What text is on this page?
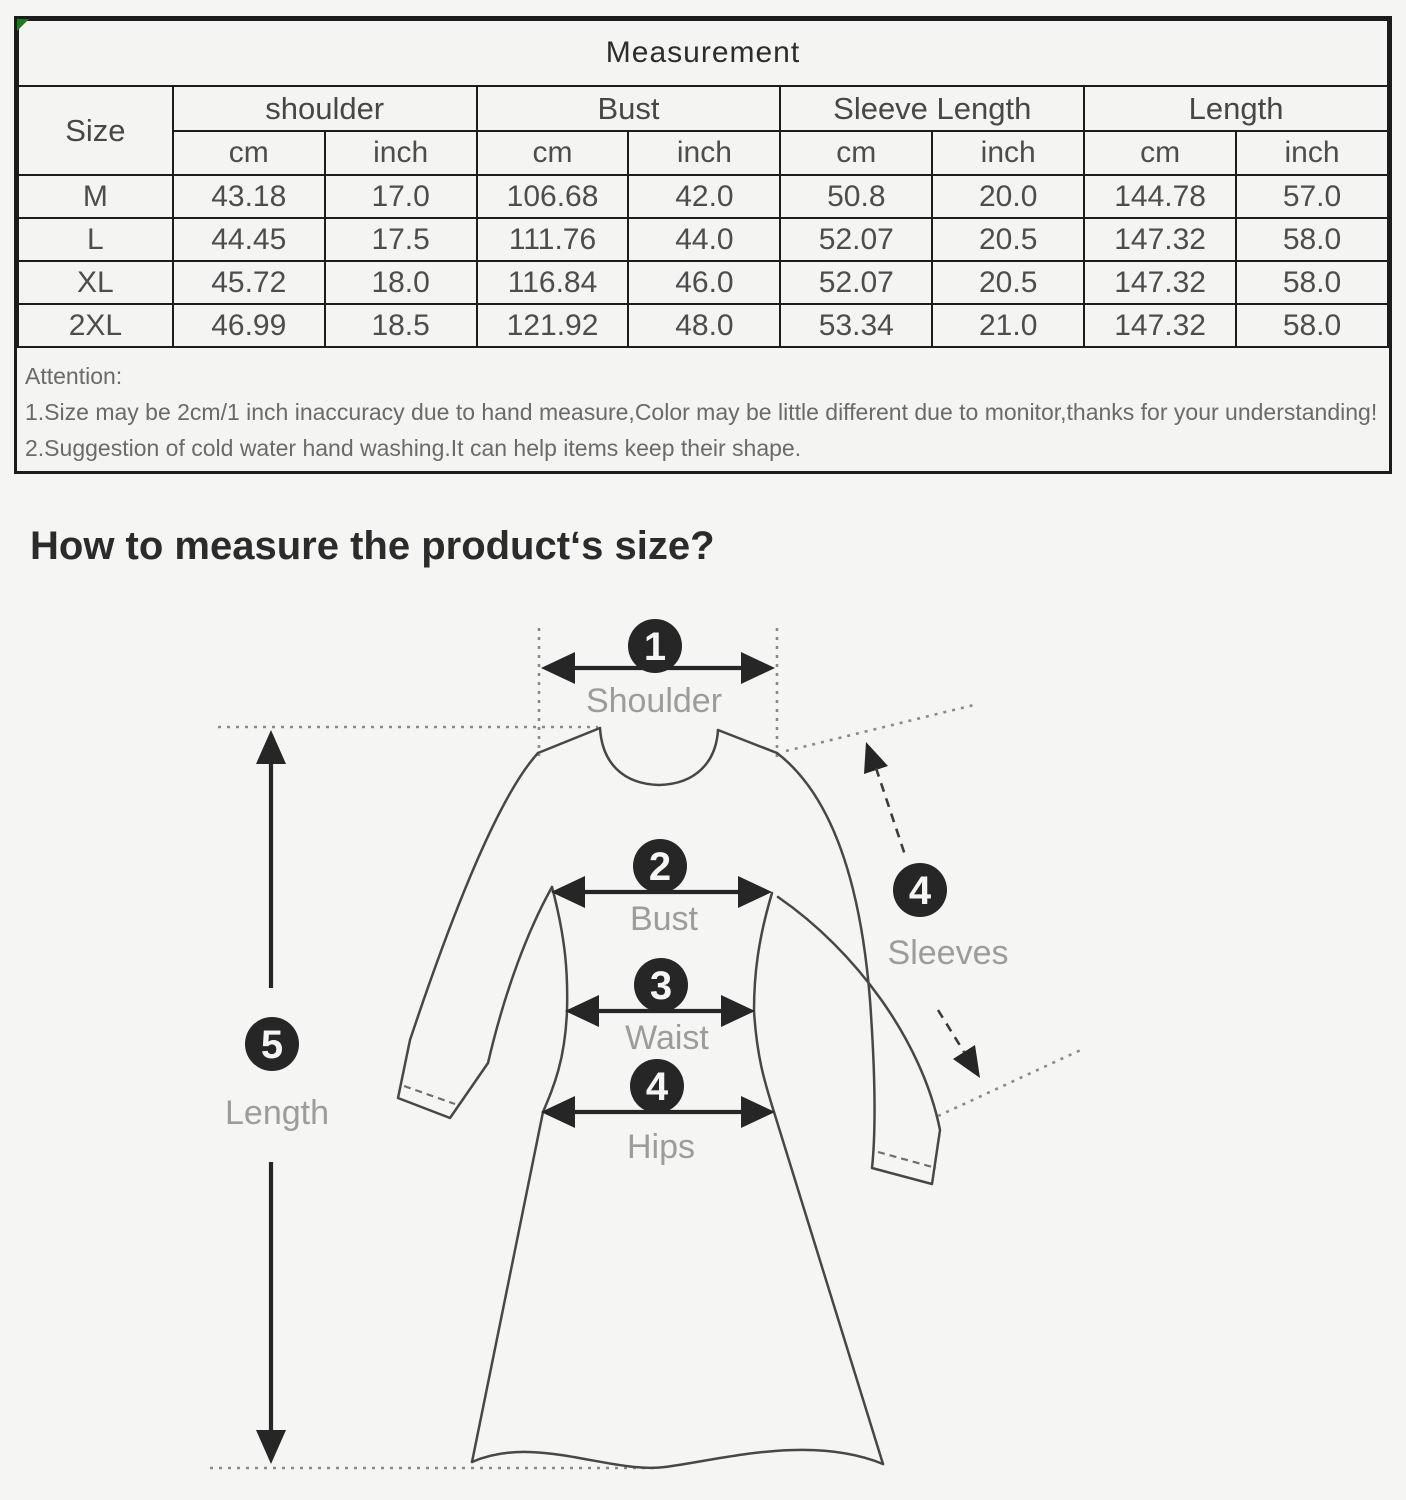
Measurement								
Size	shoulder		Bust		Sleeve Length		Length	
	cm	inch	cm	inch	cm	inch	cm	inch
M	43.18	17.0	106.68	42.0	50.8	20.0	144.78	57.0
L	44.45	17.5	111.76	44.0	52.07	20.5	147.32	58.0
XL	45.72	18.0	116.84	46.0	52.07	20.5	147.32	58.0
2XL	46.99	18.5	121.92	48.0	53.34	21.0	147.32	58.0
Attention:
1.Size may be 2cm/1 inch inaccuracy due to hand measure,Color may be little different due to monitor,thanks for your understanding!
2.Suggestion of cold water hand washing.It can help items keep their shape.
How to measure the product‘s size?
1
Shoulder
2
Bust
3
Waist
4
Hips
4
Sleeves
5
Length
